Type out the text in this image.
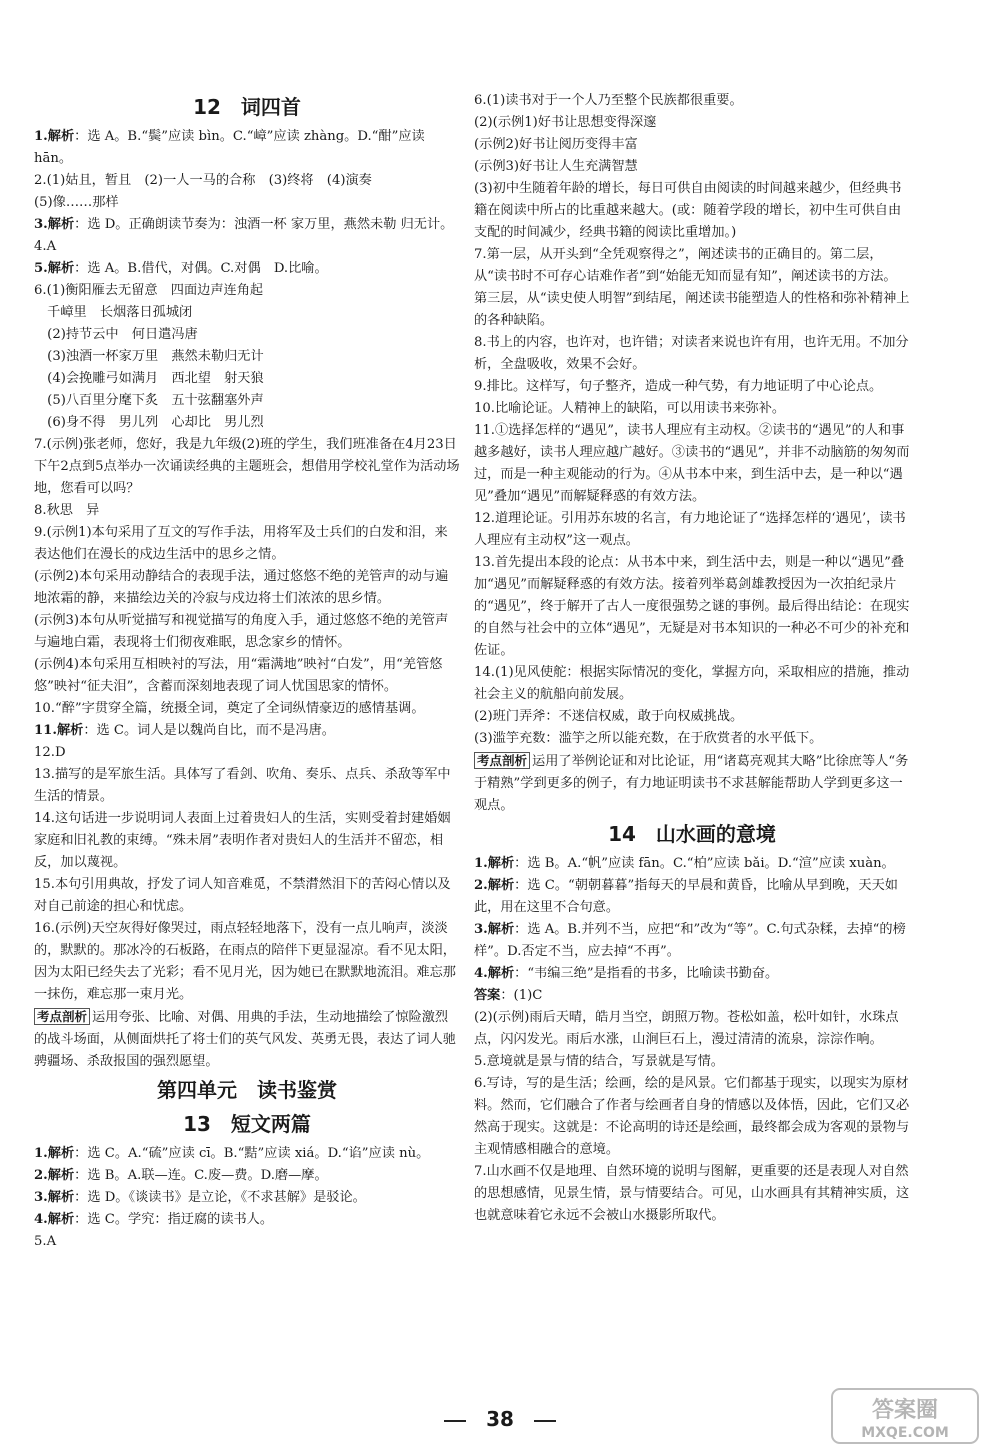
12　词四首
1.解析：选 A。B.“鬓”应读 bìn。C.“嶂”应读 zhàng。D.“酣”应读 hān。
2.(1)姑且，暂且　(2)一人一马的合称　(3)终将　(4)演奏
(5)像……那样
3.解析：选 D。正确朗读节奏为：浊酒一杯 家万里，燕然未勒 归无计。
4.A
5.解析：选 A。B.借代，对偶。C.对偶　D.比喻。
6.(1)衡阳雁去无留意　四面边声连角起
　千嶂里　长烟落日孤城闭
　(2)持节云中　何日遣冯唐
　(3)浊酒一杯家万里　燕然未勒归无计
　(4)会挽雕弓如满月　西北望　射天狼
　(5)八百里分麾下炙　五十弦翻塞外声
　(6)身不得　男儿列　心却比　男儿烈
7.(示例)张老师，您好，我是九年级(2)班的学生，我们班准备在4月23日下午2点到5点举办一次诵读经典的主题班会，想借用学校礼堂作为活动场地，您看可以吗？
8.秋思　异
9.(示例1)本句采用了互文的写作手法，用将军及士兵们的白发和泪，来表达他们在漫长的戍边生活中的思乡之情。
(示例2)本句采用动静结合的表现手法，通过悠悠不绝的羌管声的动与遍地浓霜的静，来描绘边关的冷寂与戍边将士们浓浓的思乡情。
(示例3)本句从听觉描写和视觉描写的角度入手，通过悠悠不绝的羌管声与遍地白霜，表现将士们彻夜难眠，思念家乡的情怀。
(示例4)本句采用互相映衬的写法，用“霜满地”映衬“白发”，用“羌管悠悠”映衬“征夫泪”，含蓄而深刻地表现了词人忧国思家的情怀。
10.“醉”字贯穿全篇，统摄全词，奠定了全词纵情豪迈的感情基调。
11.解析：选 C。词人是以魏尚自比，而不是冯唐。
12.D
13.描写的是军旅生活。具体写了看剑、吹角、奏乐、点兵、杀敌等军中生活的情景。
14.这句话进一步说明词人表面上过着贵妇人的生活，实则受着封建婚姻家庭和旧礼教的束缚。“殊未屑”表明作者对贵妇人的生活并不留恋，相反，加以蔑视。
15.本句引用典故，抒发了词人知音难觅，不禁潸然泪下的苦闷心情以及对自己前途的担心和忧虑。
16.(示例)天空灰得好像哭过，雨点轻轻地落下，没有一点儿响声，淡淡的，默默的。那冰冷的石板路，在雨点的陪伴下更显湿凉。看不见太阳，因为太阳已经失去了光彩；看不见月光，因为她已在默默地流泪。难忘那一抹伤，难忘那一束月光。
考点剖析 运用夸张、比喻、对偶、用典的手法，生动地描绘了惊险激烈的战斗场面，从侧面烘托了将士们的英气风发、英勇无畏，表达了词人驰骋疆场、杀敌报国的强烈愿望。
第四单元　读书鉴赏
13　短文两篇
1.解析：选 C。A.“硫”应读 cī。B.“黠”应读 xiá。D.“谄”应读 nù。
2.解析：选 B。A.联—连。C.废—费。D.磨—摩。
3.解析：选 D。《谈读书》是立论，《不求甚解》是驳论。
4.解析：选 C。学究：指迂腐的读书人。
5.A
6.(1)读书对于一个人乃至整个民族都很重要。
(2)(示例1)好书让思想变得深邃
(示例2)好书让阅历变得丰富
(示例3)好书让人生充满智慧
(3)初中生随着年龄的增长，每日可供自由阅读的时间越来越少，但经典书籍在阅读中所占的比重越来越大。(或：随着学段的增长，初中生可供自由支配的时间减少，经典书籍的阅读比重增加。)
7.第一层，从开头到“全凭观察得之”，阐述读书的正确目的。第二层，从“读书时不可存心诘难作者”到“始能无知而显有知”，阐述读书的方法。
第三层，从“读史使人明智”到结尾，阐述读书能塑造人的性格和弥补精神上的各种缺陷。
8.书上的内容，也许对，也许错；对读者来说也许有用，也许无用。不加分析，全盘吸收，效果不会好。
9.排比。这样写，句子整齐，造成一种气势，有力地证明了中心论点。
10.比喻论证。人精神上的缺陷，可以用读书来弥补。
11.①选择怎样的“遇见”，读书人理应有主动权。②读书的“遇见”的人和事越多越好，读书人理应越广越好。③读书的“遇见”，并非不动脑筋的匆匆而过，而是一种主观能动的行为。④从书本中来，到生活中去，是一种以“遇见”叠加“遇见”而解疑释惑的有效方法。
12.道理论证。引用苏东坡的名言，有力地论证了“选择怎样的‘遇见’，读书人理应有主动权”这一观点。
13.首先提出本段的论点：从书本中来，到生活中去，则是一种以“遇见”叠加“遇见”而解疑释惑的有效方法。接着列举葛剑雄教授因为一次拍纪录片的“遇见”，终于解开了古人一度很强势之谜的事例。最后得出结论：在现实的自然与社会中的立体“遇见”，无疑是对书本知识的一种必不可少的补充和佐证。
14.(1)见风使舵：根据实际情况的变化，掌握方向，采取相应的措施，推动社会主义的航船向前发展。
(2)班门弄斧：不迷信权威，敢于向权威挑战。
(3)滥竽充数：滥竽之所以能充数，在于欣赏者的水平低下。
考点剖析 运用了举例论证和对比论证，用“诸葛亮观其大略”比徐庶等人“务于精熟”学到更多的例子，有力地证明读书不求甚解能帮助人学到更多这一观点。
14　山水画的意境
1.解析：选 B。A.“帆”应读 fān。C.“柏”应读 bǎi。D.“渲”应读 xuàn。
2.解析：选 C。“朝朝暮暮”指每天的早晨和黄昏，比喻从早到晚，天天如此，用在这里不合句意。
3.解析：选 A。B.并列不当，应把“和”改为“等”。C.句式杂糅，去掉“的榜样”。D.否定不当，应去掉“不再”。
4.解析：“韦编三绝”是指看的书多，比喻读书勤奋。
答案：(1)C
(2)(示例)雨后天晴，皓月当空，朗照万物。苍松如盖，松叶如针，水珠点点，闪闪发光。雨后水涨，山涧巨石上，漫过清清的流泉，淙淙作响。
5.意境就是景与情的结合，写景就是写情。
6.写诗，写的是生活；绘画，绘的是风景。它们都基于现实，以现实为原材料。然而，它们融合了作者与绘画者自身的情感以及体悟，因此，它们又必然高于现实。这就是：不论高明的诗还是绘画，最终都会成为客观的景物与主观情感相融合的意境。
7.山水画不仅是地理、自然环境的说明与图解，更重要的还是表现人对自然的思想感情，见景生情，景与情要结合。可见，山水画具有其精神实质，这也就意味着它永远不会被山水摄影所取代。
38	答案圈
MXQE.COM
